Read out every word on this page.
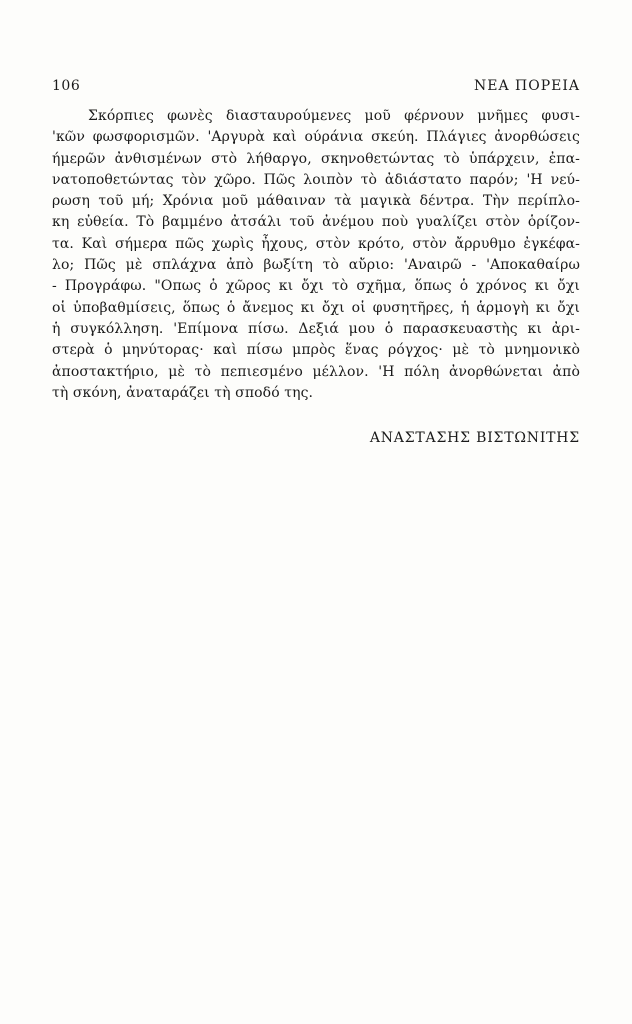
106	ΝΕΑ ΠΟΡΕΙΑ
Σκόρπιες φωνὲς διασταυρούμενες μοῦ φέρνουν μνῆμες φυσι-
'κῶν φωσφορισμῶν. 'Αργυρὰ καὶ ούράνια σκεύη. Πλάγιες ἀνορθώσεις
ήμερῶν ἀνθισμένων στὸ λήθαργο, σκηνοθετώντας τὸ ὑπάρχειν, ἐπα-
νατοποθετώντας τὸν χῶρο. Πῶς λοιπὸν τὸ ἀδιάστατο παρόν; 'Η νεύ-
ρωση τοῦ μή; Χρόνια μοῦ μάθαιναν τὰ μαγικὰ δέντρα. Τὴν περίπλο-
κη εὐθεία. Τὸ βαμμένο ἀτσάλι τοῦ ἀνέμου ποὺ γυαλίζει στὸν ὁρίζον-
τα. Καὶ σήμερα πῶς χωρὶς ἦχους, στὸν κρότο, στὸν ἄρρυθμο ἐγκέφα-
λο; Πῶς μὲ σπλάχνα ἀπὸ βωξίτη τὸ αὔριο: 'Αναιρῶ - 'Αποκαθαίρω
- Προγράφω. "Οπως ὁ χῶρος κι ὄχι τὸ σχῆμα, ὅπως ὁ χρόνος κι ὄχι
οἱ ὑποβαθμίσεις, ὅπως ὁ ἄνεμος κι ὄχι οἱ φυσητῆρες, ἡ ἁρμογὴ κι ὄχι
ἡ συγκόλληση. 'Επίμονα πίσω. Δεξιά μου ὁ παρασκευαστὴς κι ἀρι-
στερὰ ὁ μηνύτορας· καὶ πίσω μπρὸς ἕνας ρόγχος· μὲ τὸ μνημονικὸ
ἀποστακτήριο, μὲ τὸ πεπιεσμένο μέλλον. 'Η πόλη ἀνορθώνεται ἀπὸ
τὴ σκόνη, ἀναταράζει τὴ σποδό της.
ΑΝΑΣΤΑΣΗΣ ΒΙΣΤΩΝΙΤΗΣ
